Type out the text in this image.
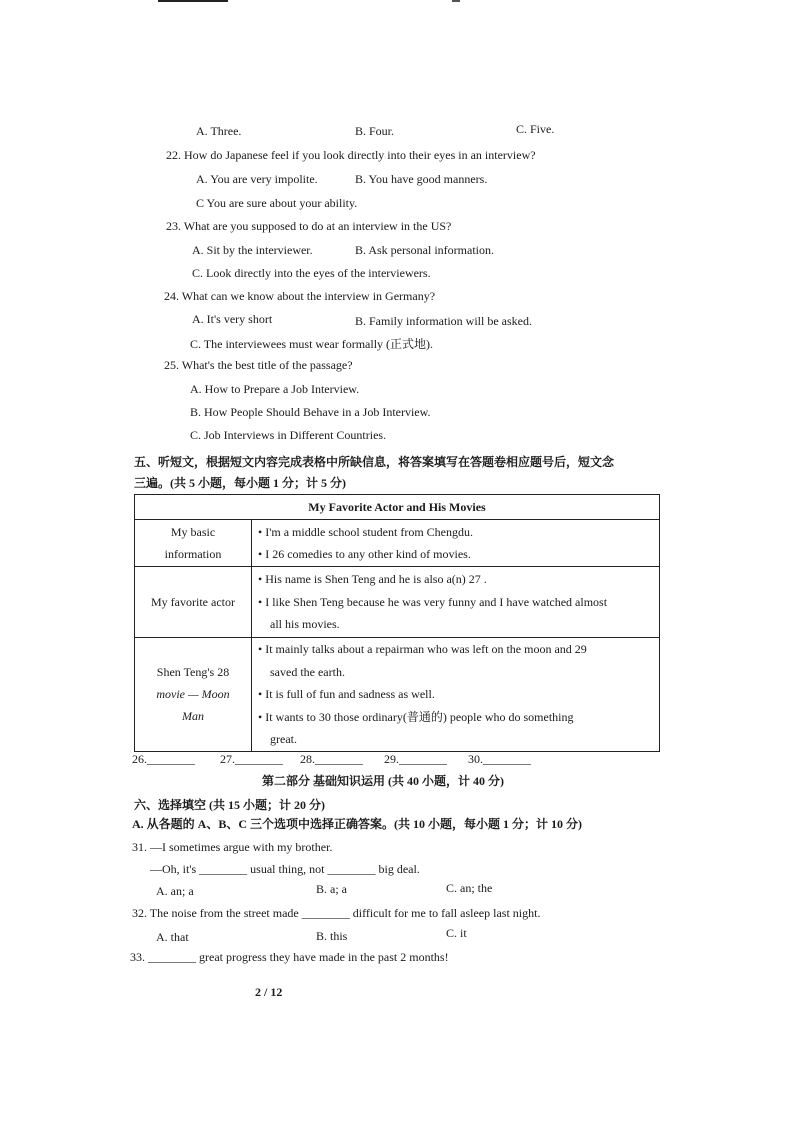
A. Three.	B. Four.	C. Five.
22. How do Japanese feel if you look directly into their eyes in an interview?
A. You are very impolite.	B. You have good manners.
C You are sure about your ability.
23. What are you supposed to do at an interview in the US?
A. Sit by the interviewer.	B. Ask personal information.
C. Look directly into the eyes of the interviewers.
24. What can we know about the interview in Germany?
A. It's very short	B. Family information will be asked.
C. The interviewees must wear formally (正式地).
25. What's the best title of the passage?
A. How to Prepare a Job Interview.
B. How People Should Behave in a Job Interview.
C. Job Interviews in Different Countries.
五、听短文，根据短文内容完成表格中所缺信息，将答案填写在答题卷相应题号后，短文念
三遍。(共 5 小题，每小题 1 分；计 5 分)
My Favorite Actor and His Movies	

My basic
information	• I'm a middle school student from Chengdu.
• I 26 comedies to any other kind of movies.

My favorite actor	• His name is Shen Teng and he is also a(n) 27 .
• I like Shen Teng because he was very funny and I have watched almost
all his movies.

Shen Teng's 28
movie — Moon
Man	• It mainly talks about a repairman who was left on the moon and 29
saved the earth.
• It is full of fun and sadness as well.
• It wants to 30 those ordinary(普通的) people who do something
great.
26.________ 27.________ 28.________ 29.________ 30.________
第二部分 基础知识运用 (共 40 小题，计 40 分)
六、选择填空 (共 15 小题；计 20 分)
A. 从各题的 A、B、C 三个选项中选择正确答案。(共 10 小题，每小题 1 分；计 10 分)
31. —I sometimes argue with my brother.
—Oh, it's ________ usual thing, not ________ big deal.
A. an; a	B. a; a	C. an; the
32. The noise from the street made ________ difficult for me to fall asleep last night.
A. that	B. this	C. it
33. ________ great progress they have made in the past 2 months!
2 / 12
